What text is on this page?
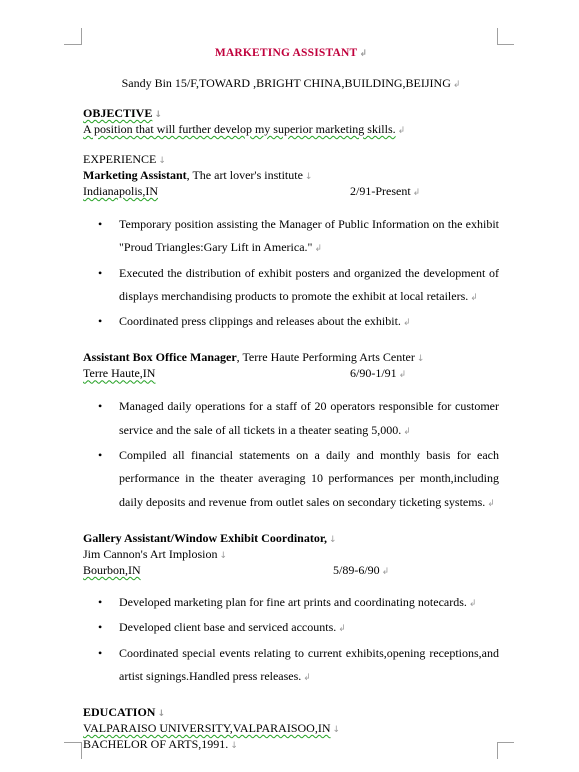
MARKETING ASSISTANT ↲
Sandy Bin 15/F,TOWARD ,BRIGHT CHINA,BUILDING,BEIJING ↲

OBJECTIVE ↓

A position that will further develop my superior marketing skills. ↲

EXPERIENCE ↓

Marketing Assistant, The art lover's institute ↓

Indianapolis,IN	2/91-Present ↲
• Temporary position assisting the Manager of Public Information on the exhibit "Proud Triangles:Gary Lift in America." ↲
• Executed the distribution of exhibit posters and organized the development of displays merchandising products to promote the exhibit at local retailers. ↲
• Coordinated press clippings and releases about the exhibit. ↲

Assistant Box Office Manager, Terre Haute Performing Arts Center ↓

Terre Haute,IN	6/90-1/91 ↲
• Managed daily operations for a staff of 20 operators responsible for customer service and the sale of all tickets in a theater seating 5,000. ↲
• Compiled all financial statements on a daily and monthly basis for each performance in the theater averaging 10 performances per month,including daily deposits and revenue from outlet sales on secondary ticketing systems. ↲

Gallery Assistant/Window Exhibit Coordinator, ↓

Jim Cannon's Art Implosion ↓

Bourbon,IN	5/89-6/90 ↲
• Developed marketing plan for fine art prints and coordinating notecards. ↲
• Developed client base and serviced accounts. ↲
• Coordinated special events relating to current exhibits,opening receptions,and artist signings.Handled press releases. ↲

EDUCATION ↓

VALPARAISO UNIVERSITY,VALPARAISOO,IN ↓

BACHELOR OF ARTS,1991. ↓
